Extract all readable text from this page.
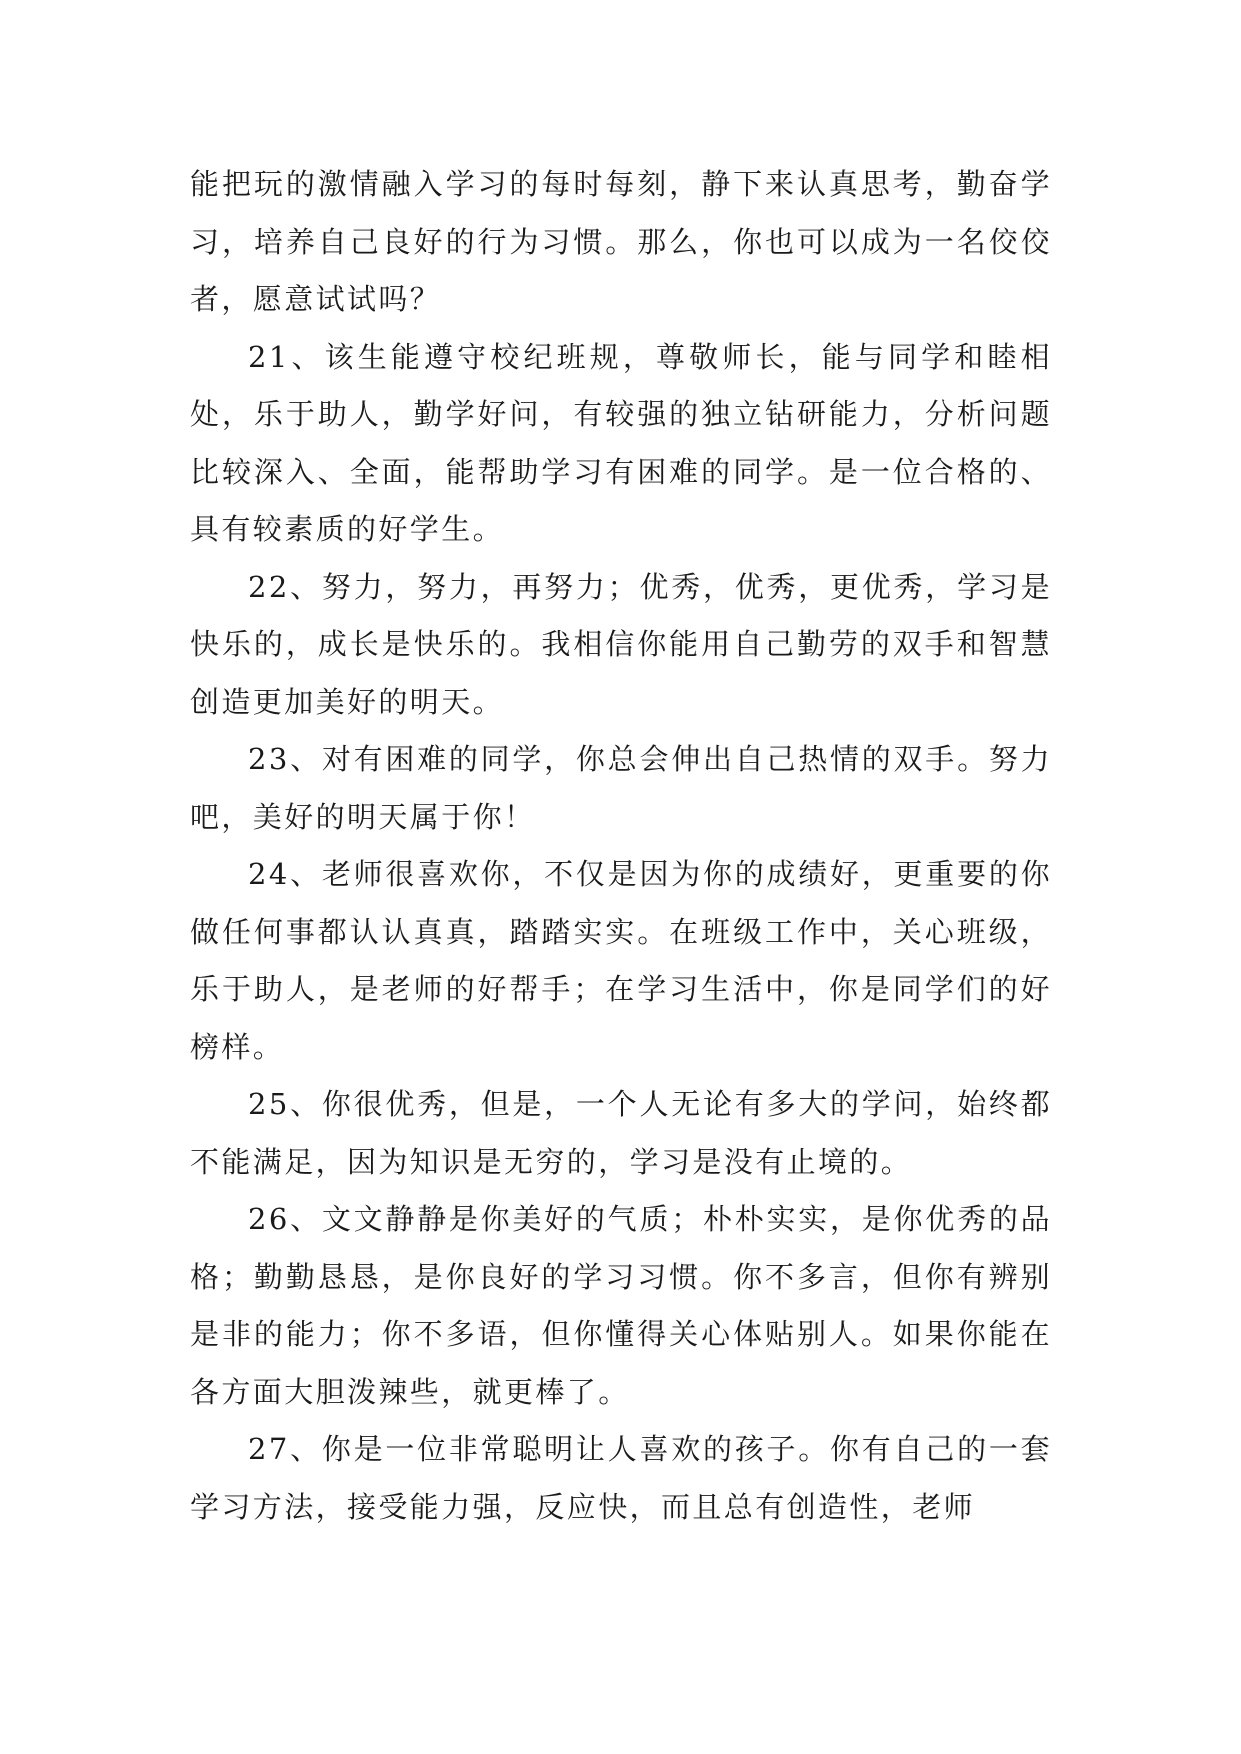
能把玩的激情融入学习的每时每刻，静下来认真思考，勤奋学习，培养自己良好的行为习惯。那么，你也可以成为一名佼佼者，愿意试试吗？

21、该生能遵守校纪班规，尊敬师长，能与同学和睦相处，乐于助人，勤学好问，有较强的独立钻研能力，分析问题比较深入、全面，能帮助学习有困难的同学。是一位合格的、具有较素质的好学生。

22、努力，努力，再努力；优秀，优秀，更优秀，学习是快乐的，成长是快乐的。我相信你能用自己勤劳的双手和智慧创造更加美好的明天。

23、对有困难的同学，你总会伸出自己热情的双手。努力吧，美好的明天属于你！

24、老师很喜欢你，不仅是因为你的成绩好，更重要的你做任何事都认认真真，踏踏实实。在班级工作中，关心班级，乐于助人，是老师的好帮手；在学习生活中，你是同学们的好榜样。

25、你很优秀，但是，一个人无论有多大的学问，始终都不能满足，因为知识是无穷的，学习是没有止境的。

26、文文静静是你美好的气质；朴朴实实，是你优秀的品格；勤勤恳恳，是你良好的学习习惯。你不多言，但你有辨别是非的能力；你不多语，但你懂得关心体贴别人。如果你能在各方面大胆泼辣些，就更棒了。

27、你是一位非常聪明让人喜欢的孩子。你有自己的一套学习方法，接受能力强，反应快，而且总有创造性，老师
